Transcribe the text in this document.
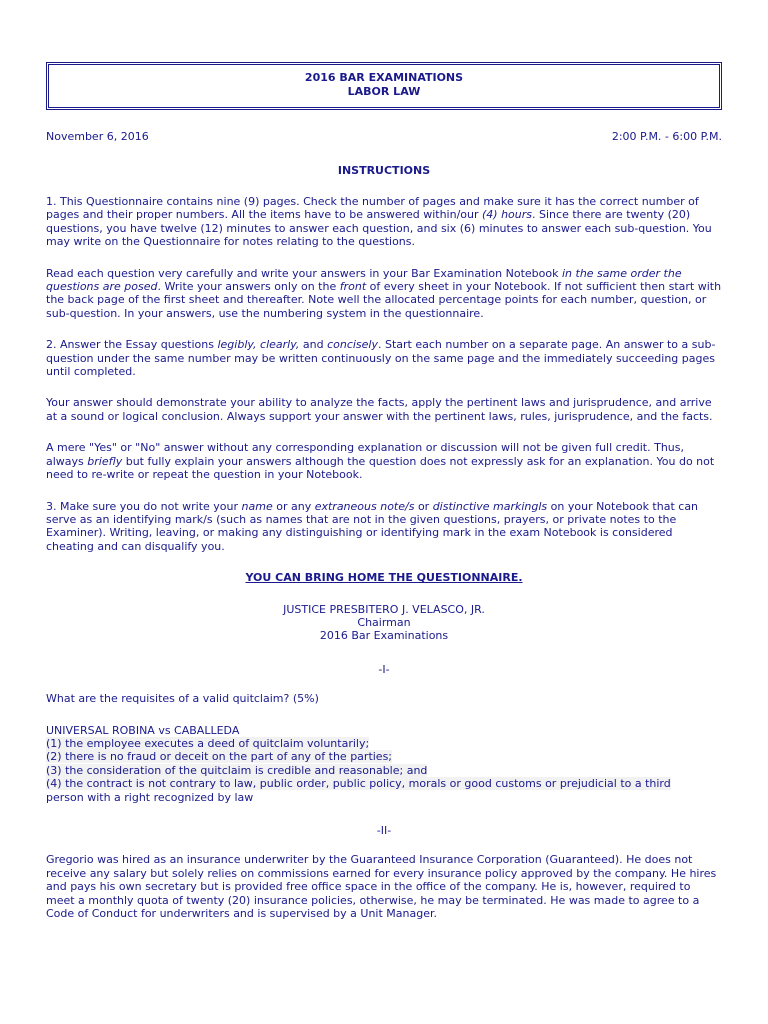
2016 BAR EXAMINATIONS
LABOR LAW
November 6, 2016	2:00 P.M. - 6:00 P.M.
INSTRUCTIONS

1. This Questionnaire contains nine (9) pages. Check the number of pages and make sure it has the correct number of pages and their proper numbers. All the items have to be answered within/our (4) hours. Since there are twenty (20) questions, you have twelve (12) minutes to answer each question, and six (6) minutes to answer each sub-question. You may write on the Questionnaire for notes relating to the questions.

Read each question very carefully and write your answers in your Bar Examination Notebook in the same order the questions are posed. Write your answers only on the front of every sheet in your Notebook. If not sufficient then start with the back page of the first sheet and thereafter. Note well the allocated percentage points for each number, question, or sub-question. In your answers, use the numbering system in the questionnaire.

2. Answer the Essay questions legibly, clearly, and concisely. Start each number on a separate page. An answer to a sub-question under the same number may be written continuously on the same page and the immediately succeeding pages until completed.

Your answer should demonstrate your ability to analyze the facts, apply the pertinent laws and jurisprudence, and arrive at a sound or logical conclusion. Always support your answer with the pertinent laws, rules, jurisprudence, and the facts.

A mere "Yes" or "No" answer without any corresponding explanation or discussion will not be given full credit. Thus, always briefly but fully explain your answers although the question does not expressly ask for an explanation. You do not need to re-write or repeat the question in your Notebook.

3. Make sure you do not write your name or any extraneous note/s or distinctive markingls on your Notebook that can serve as an identifying mark/s (such as names that are not in the given questions, prayers, or private notes to the Examiner). Writing, leaving, or making any distinguishing or identifying mark in the exam Notebook is considered cheating and can disqualify you.

YOU CAN BRING HOME THE QUESTIONNAIRE.

JUSTICE PRESBITERO J. VELASCO, JR.

Chairman

2016 Bar Examinations

-I-

What are the requisites of a valid quitclaim? (5%)

UNIVERSAL ROBINA vs CABALLEDA

(1) the employee executes a deed of quitclaim voluntarily;

(2) there is no fraud or deceit on the part of any of the parties;

(3) the consideration of the quitclaim is credible and reasonable; and

(4) the contract is not contrary to law, public order, public policy, morals or good customs or prejudicial to a third

person with a right recognized by law

-II-

Gregorio was hired as an insurance underwriter by the Guaranteed Insurance Corporation (Guaranteed). He does not receive any salary but solely relies on commissions earned for every insurance policy approved by the company. He hires and pays his own secretary but is provided free office space in the office of the company. He is, however, required to meet a monthly quota of twenty (20) insurance policies, otherwise, he may be terminated. He was made to agree to a Code of Conduct for underwriters and is supervised by a Unit Manager.
